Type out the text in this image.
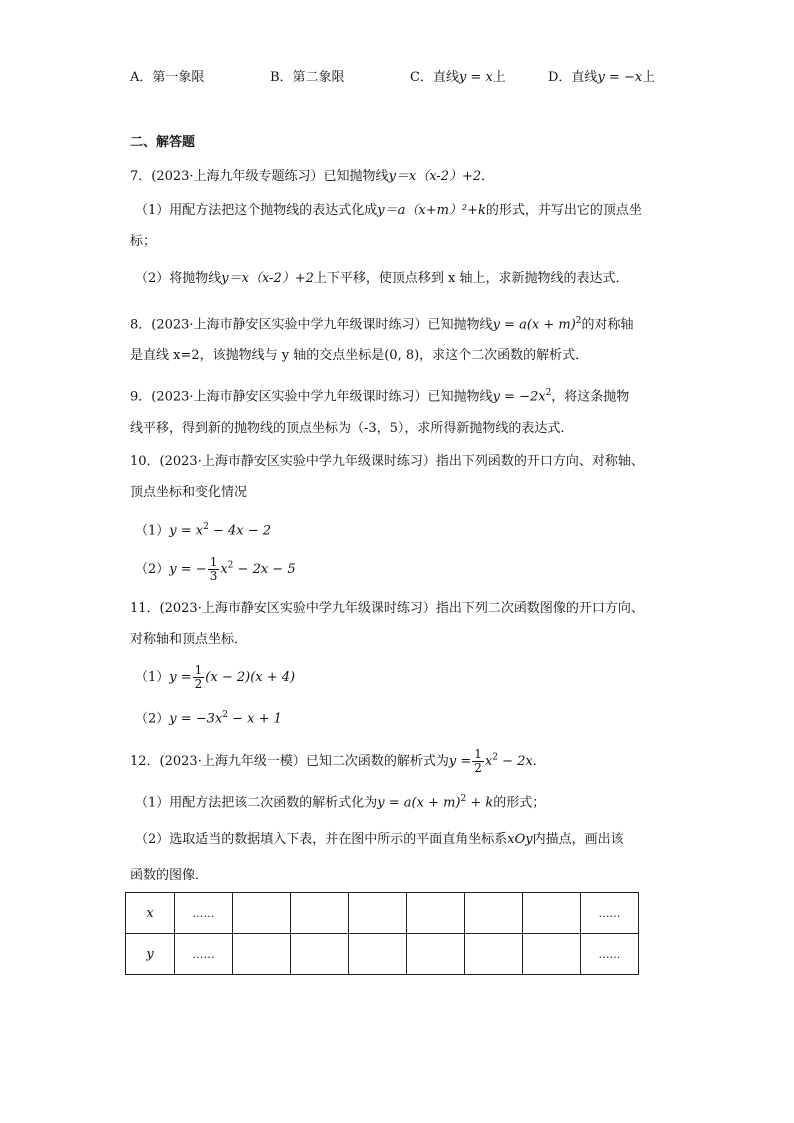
A．第一象限	B．第二象限	C．直线y = x上	D．直线y = −x上
二、解答题
7．(2023·上海九年级专题练习）已知抛物线y＝x（x-2）+2．
（1）用配方法把这个抛物线的表达式化成y＝a（x+m）²+k的形式，并写出它的顶点坐
标；
（2）将抛物线y＝x（x-2）+2上下平移，使顶点移到 x 轴上，求新抛物线的表达式．
8．(2023·上海市静安区实验中学九年级课时练习）已知抛物线$y = a(x + m)^2$的对称轴
是直线 x=2，该抛物线与 y 轴的交点坐标是(0, 8)，求这个二次函数的解析式．
9．(2023·上海市静安区实验中学九年级课时练习）已知抛物线$y = -2x^2$，将这条抛物
线平移，得到新的抛物线的顶点坐标为（-3，5），求所得新抛物线的表达式．
10．(2023·上海市静安区实验中学九年级课时练习）指出下列函数的开口方向、对称轴、
顶点坐标和变化情况
$(1)y = x^2 - 4x - 2$
（2）y = − $\frac{1}{3} x^2 - 2x - 5$
11．(2023·上海市静安区实验中学九年级课时练习）指出下列二次函数图像的开口方向、
对称轴和顶点坐标．
$(1)y = \frac{1}{2} (x - 2)(x + 4)$
$(2)y = -3x^2 - x + 1$
12．(2023·上海九年级一模）已知二次函数的解析式为$y = \frac{1}{2} x^2 - 2x$．
（1）用配方法把该二次函数的解析式化为$y = a(x + m)^2 + k$的形式；
（2）选取适当的数据填入下表，并在图中所示的平面直角坐标系xOy内描点，画出该
函数的图像．
x	……							……
y	……							……
